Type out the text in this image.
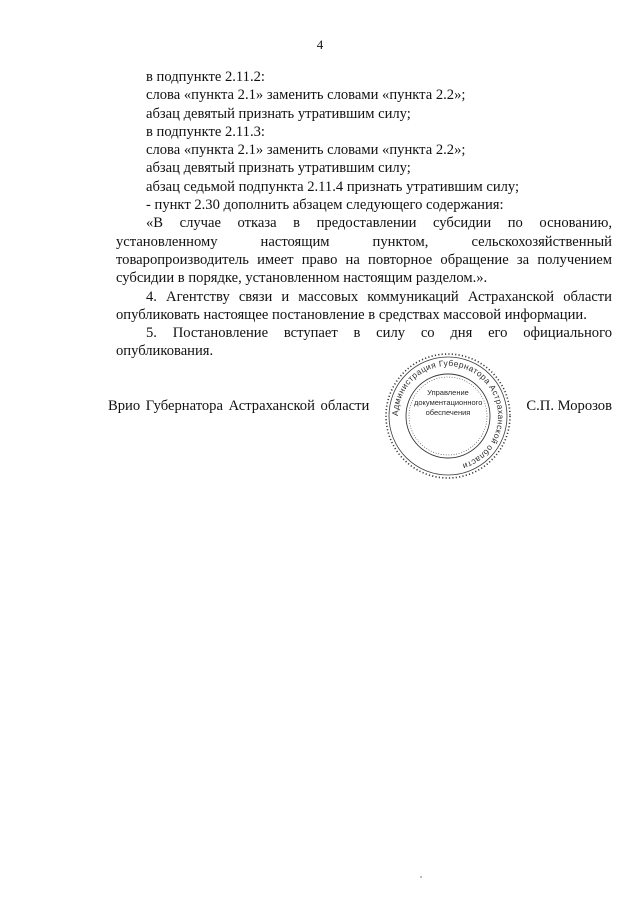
4

в подпункте 2.11.2:

слова «пункта 2.1» заменить словами «пункта 2.2»;

абзац девятый признать утратившим силу;

в подпункте 2.11.3:

слова «пункта 2.1» заменить словами «пункта 2.2»;

абзац девятый признать утратившим силу;

абзац седьмой подпункта 2.11.4 признать утратившим силу;

- пункт 2.30 дополнить абзацем следующего содержания:

«В случае отказа в предоставлении субсидии по основанию, установленному настоящим пунктом, сельскохозяйственный товаропроизводитель имеет право на повторное обращение за получением субсидии в порядке, установленном настоящим разделом.».

4. Агентству связи и массовых коммуникаций Астраханской области опубликовать настоящее постановление в средствах массовой информации.

5. Постановление вступает в силу со дня его официального опубликования.

Администрация Губернатора Астраханской области
Управление
документационного
обеспечения
Врио Губернатора Астраханской области	С.П. Морозов
